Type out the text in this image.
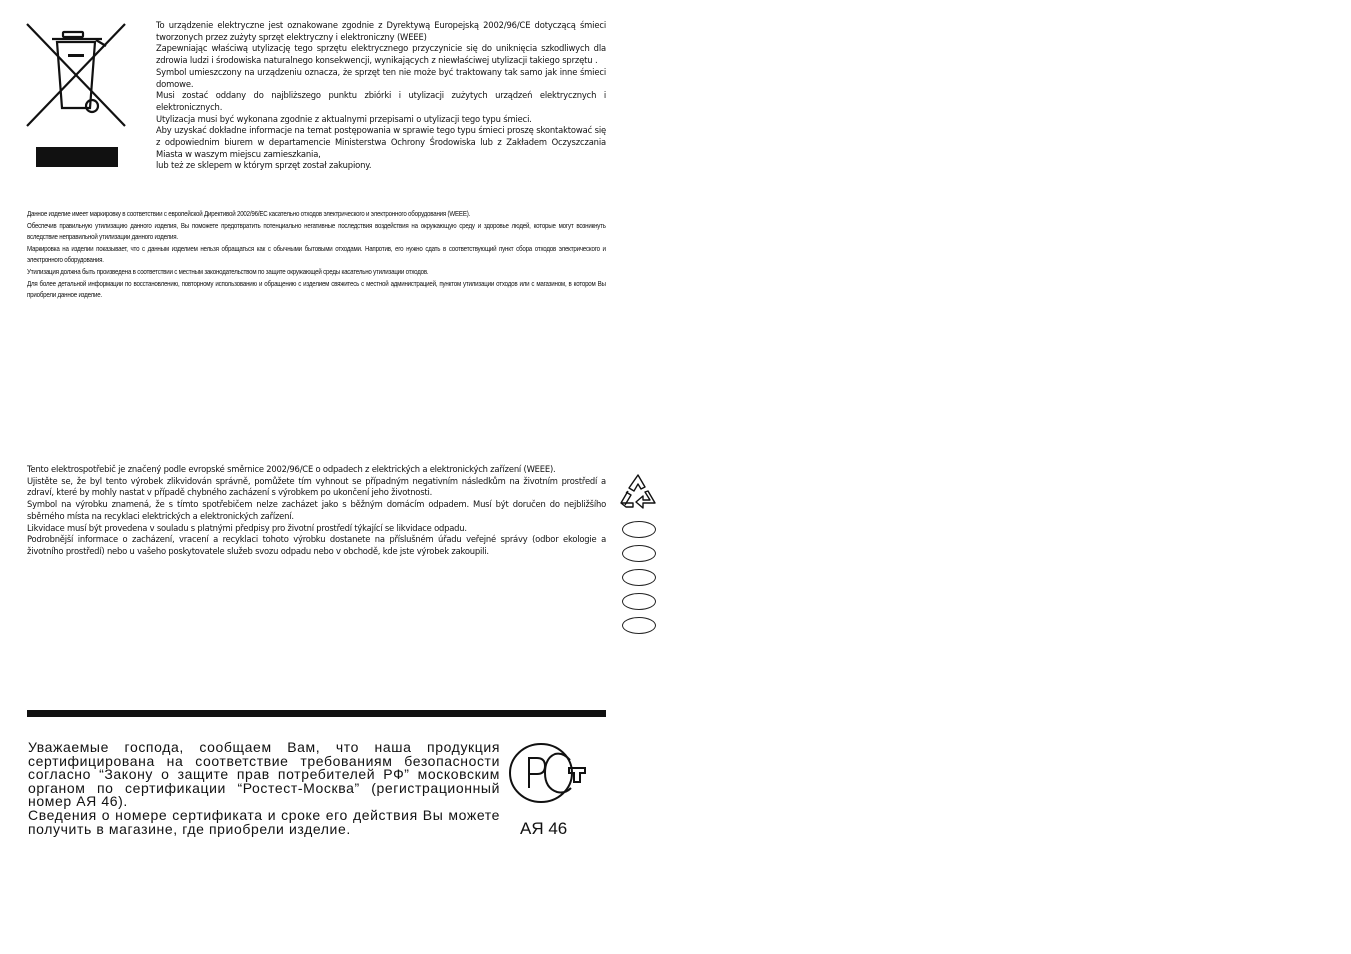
To urządzenie elektryczne jest oznakowane zgodnie z Dyrektywą Europejską 2002/96/CE dotyczącą śmieci tworzonych przez zużyty sprzęt elektryczny i elektroniczny (WEEE)
Zapewniając właściwą utylizację tego sprzętu elektrycznego przyczynicie się do uniknięcia szkodliwych dla zdrowia ludzi i środowiska naturalnego konsekwencji, wynikających z niewłaściwej utylizacji takiego sprzętu .
Symbol umieszczony na urządzeniu oznacza, że sprzęt ten nie może być traktowany tak samo jak inne śmieci domowe.
Musi zostać oddany do najbliższego punktu zbiórki i utylizacji zużytych urządzeń elektrycznych i elektronicznych.
Utylizacja musi być wykonana zgodnie z aktualnymi przepisami o utylizacji tego typu śmieci.
Aby uzyskać dokładne informacje na temat postępowania w sprawie tego typu śmieci proszę skontaktować się z odpowiednim biurem w departamencie Ministerstwa Ochrony Środowiska lub z Zakładem Oczyszczania Miasta w waszym miejscu zamieszkania,
lub też ze sklepem w którym sprzęt został zakupiony.
Данное изделие имеет маркировку в соответствии с европейской Директивой 2002/96/ЕС касательно отходов электрического и электронного оборудования (WEEE).
Обеспечив правильную утилизацию данного изделия, Вы поможете предотвратить потенциально негативные последствия воздействия на окружающую среду и здоровье людей, которые могут возникнуть вследствие неправильной утилизации данного изделия.
Маркировка на изделии показывает, что с данным изделием нельзя обращаться как с обычными бытовыми отходами. Напротив, его нужно сдать в соответствующий пункт сбора отходов электрического и электронного оборудования.
Утилизация должна быть произведена в соответствии с местным законодательством по защите окружающей среды касательно утилизации отходов.
Для более детальной информации по восстановлению, повторному использованию и обращению с изделием свяжитесь с местной администрацией, пунктом утилизации отходов или с магазином, в котором Вы приобрели данное изделие.
Tento elektrospotřebič je značený podle evropské směrnice 2002/96/CE o odpadech z elektrických a elektronických zařízení (WEEE).
Ujistěte se, že byl tento výrobek zlikvidován správně, pomůžete tím vyhnout se případným negativním následkům na životním prostředí a zdraví, které by mohly nastat v případě chybného zacházení s výrobkem po ukončení jeho životnosti.
Symbol na výrobku znamená, že s tímto spotřebičem nelze zacházet jako s běžným domácím odpadem. Musí být doručen do nejbližšího sběrného místa na recyklaci elektrických a elektronických zařízení.
Likvidace musí být provedena v souladu s platnými předpisy pro životní prostředí týkající se likvidace odpadu.
Podrobnější informace o zacházení, vracení a recyklaci tohoto výrobku dostanete na příslušném úřadu veřejné správy (odbor ekologie a životního prostředí) nebo u vašeho poskytovatele služeb svozu odpadu nebo v obchodě, kde jste výrobek zakoupili.
Уважаемые господа, сообщаем Вам, что наша продукция сертифицирована на соответствие требованиям безопасности согласно “Закону о защите прав потребителей РФ” московским органом по сертификации “Ростест-Москва” (регистрационный номер АЯ 46).
Сведения о номере сертификата и сроке его действия Вы можете получить в магазине, где приобрели изделие.	АЯ 46
